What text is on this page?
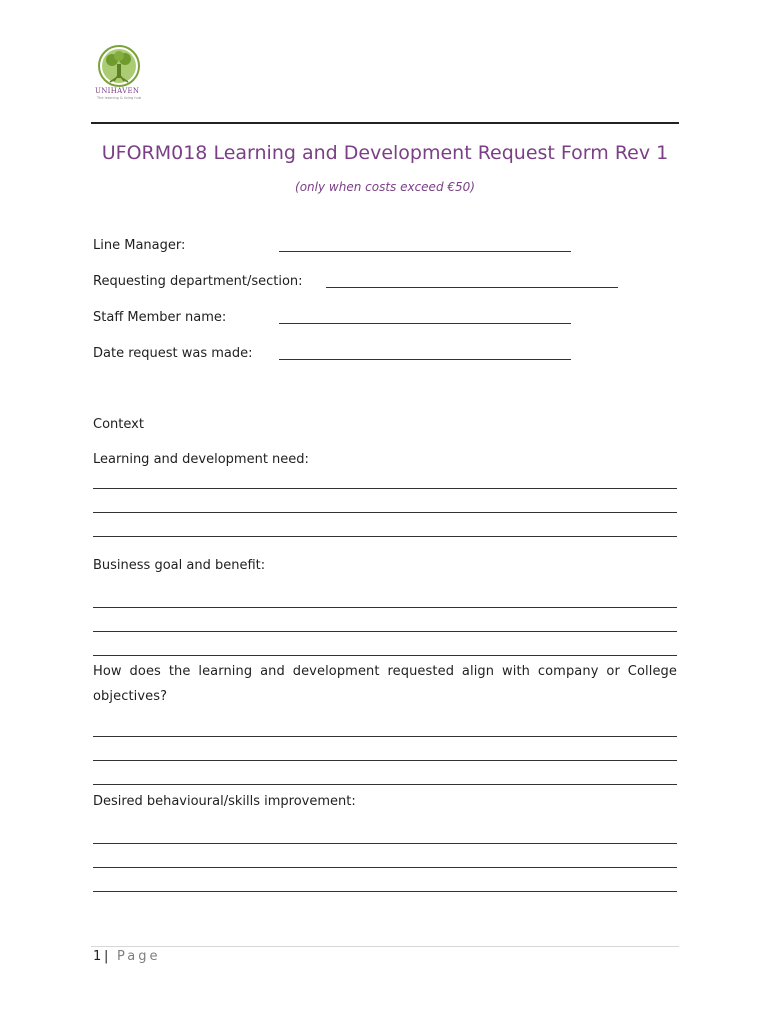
UNIHAVEN
The learning & living hub
UFORM018 Learning and Development Request Form Rev 1
(only when costs exceed €50)
Line Manager:
Requesting department/section:
Staff Member name:
Date request was made:
Context
Learning and development need:
Business goal and benefit:
How does the learning and development requested align with company or College objectives?
Desired behavioural/skills improvement:
1 | Page
